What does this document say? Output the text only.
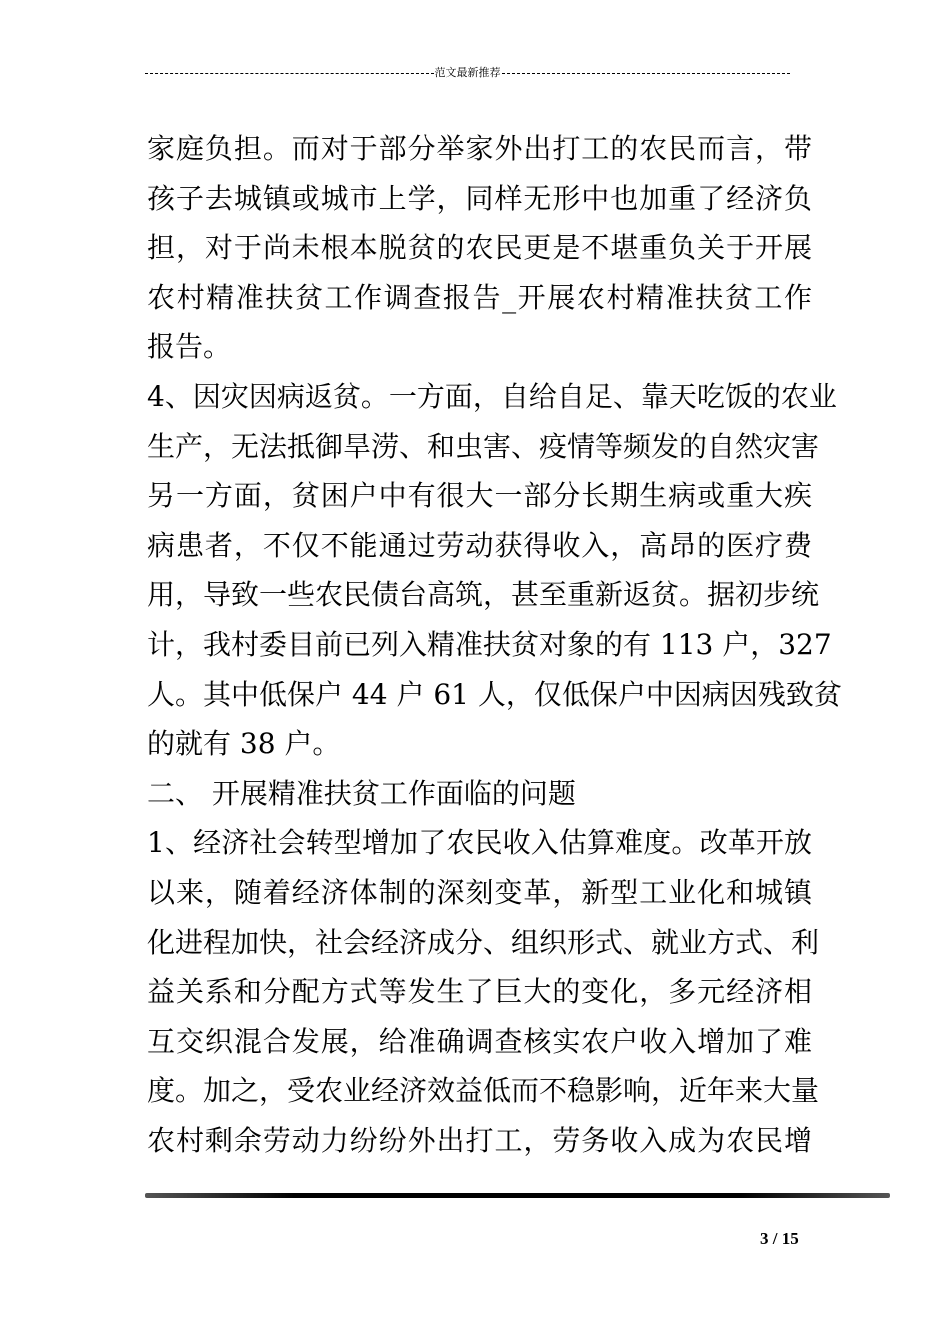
范文最新推荐
家庭负担。而对于部分举家外出打工的农民而言，带
孩子去城镇或城市上学，同样无形中也加重了经济负
担，对于尚未根本脱贫的农民更是不堪重负关于开展
农村精准扶贫工作调查报告_开展农村精准扶贫工作
报告。
4、因灾因病返贫。一方面，自给自足、靠天吃饭的农业
生产，无法抵御旱涝、和虫害、疫情等频发的自然灾害
另一方面，贫困户中有很大一部分长期生病或重大疾
病患者，不仅不能通过劳动获得收入，高昂的医疗费
用，导致一些农民债台高筑，甚至重新返贫。据初步统
计，我村委目前已列入精准扶贫对象的有 113 户，327
人。其中低保户 44 户 61 人，仅低保户中因病因残致贫
的就有 38 户。
二、 开展精准扶贫工作面临的问题
1、经济社会转型增加了农民收入估算难度。改革开放
以来，随着经济体制的深刻变革，新型工业化和城镇
化进程加快，社会经济成分、组织形式、就业方式、利
益关系和分配方式等发生了巨大的变化，多元经济相
互交织混合发展，给准确调查核实农户收入增加了难
度。加之，受农业经济效益低而不稳影响，近年来大量
农村剩余劳动力纷纷外出打工，劳务收入成为农民增
3 / 15
